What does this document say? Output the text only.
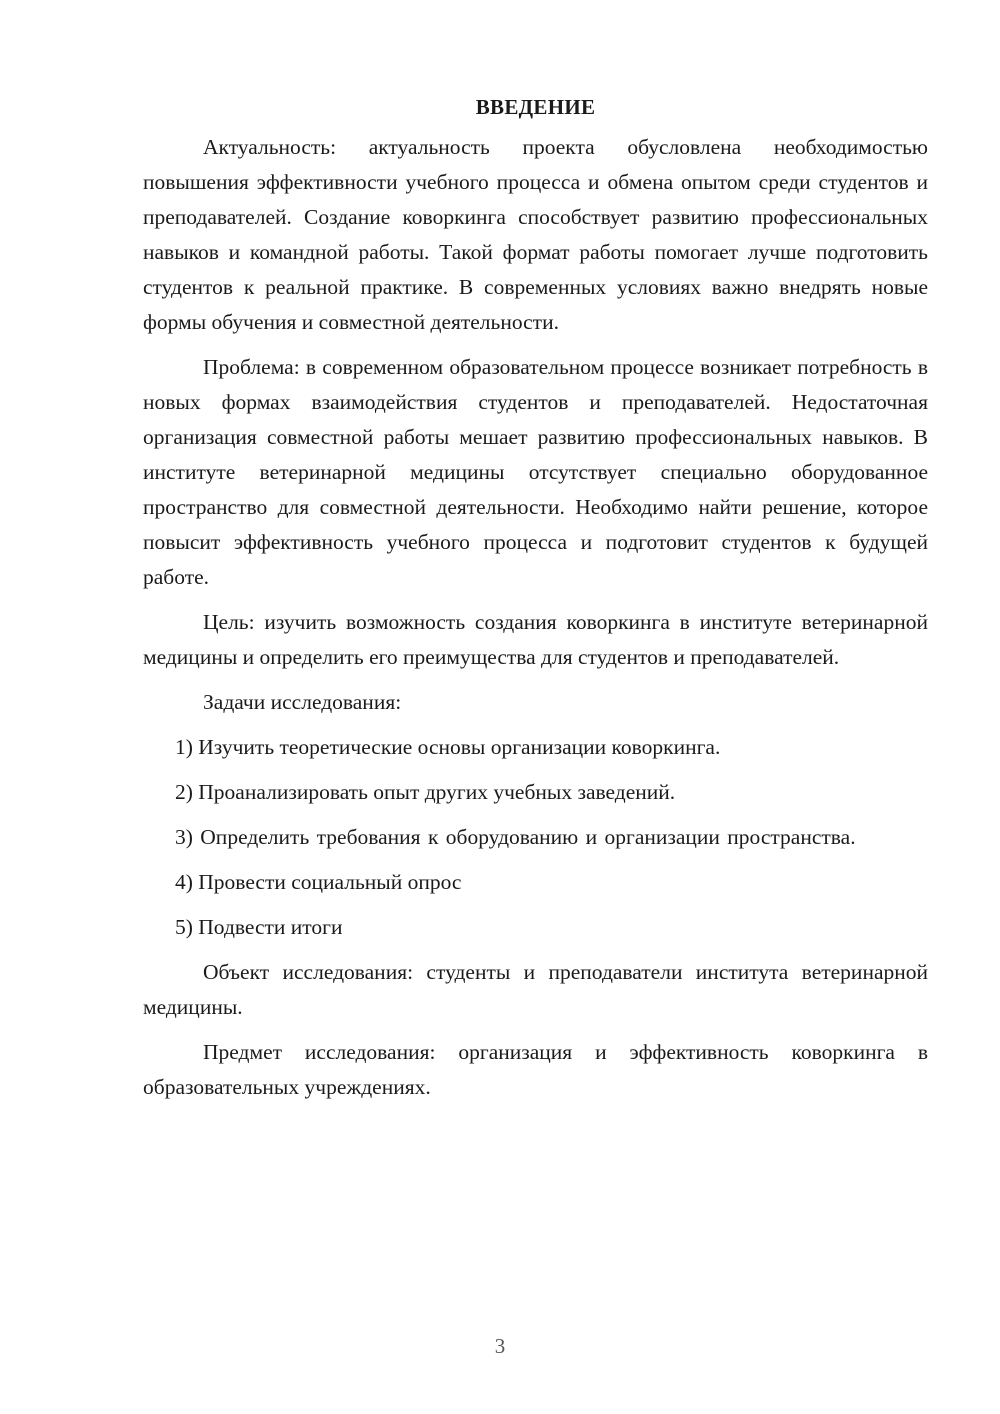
ВВЕДЕНИЕ

Актуальность: актуальность проекта обусловлена необходимостью повышения эффективности учебного процесса и обмена опытом среди студентов и преподавателей. Создание коворкинга способствует развитию профессиональных навыков и командной работы. Такой формат работы помогает лучше подготовить студентов к реальной практике. В современных условиях важно внедрять новые формы обучения и совместной деятельности.

Проблема: в современном образовательном процессе возникает потребность в новых формах взаимодействия студентов и преподавателей. Недостаточная организация совместной работы мешает развитию профессиональных навыков. В институте ветеринарной медицины отсутствует специально оборудованное пространство для совместной деятельности. Необходимо найти решение, которое повысит эффективность учебного процесса и подготовит студентов к будущей работе.

Цель: изучить возможность создания коворкинга в институте ветеринарной медицины и определить его преимущества для студентов и преподавателей.

Задачи исследования:

1) Изучить теоретические основы организации коворкинга.

2) Проанализировать опыт других учебных заведений.

3) Определить требования к оборудованию и организации пространства.

4) Провести социальный опрос

5) Подвести итоги

Объект исследования: студенты и преподаватели института ветеринарной медицины.

Предмет исследования: организация и эффективность коворкинга в образовательных учреждениях.

3
